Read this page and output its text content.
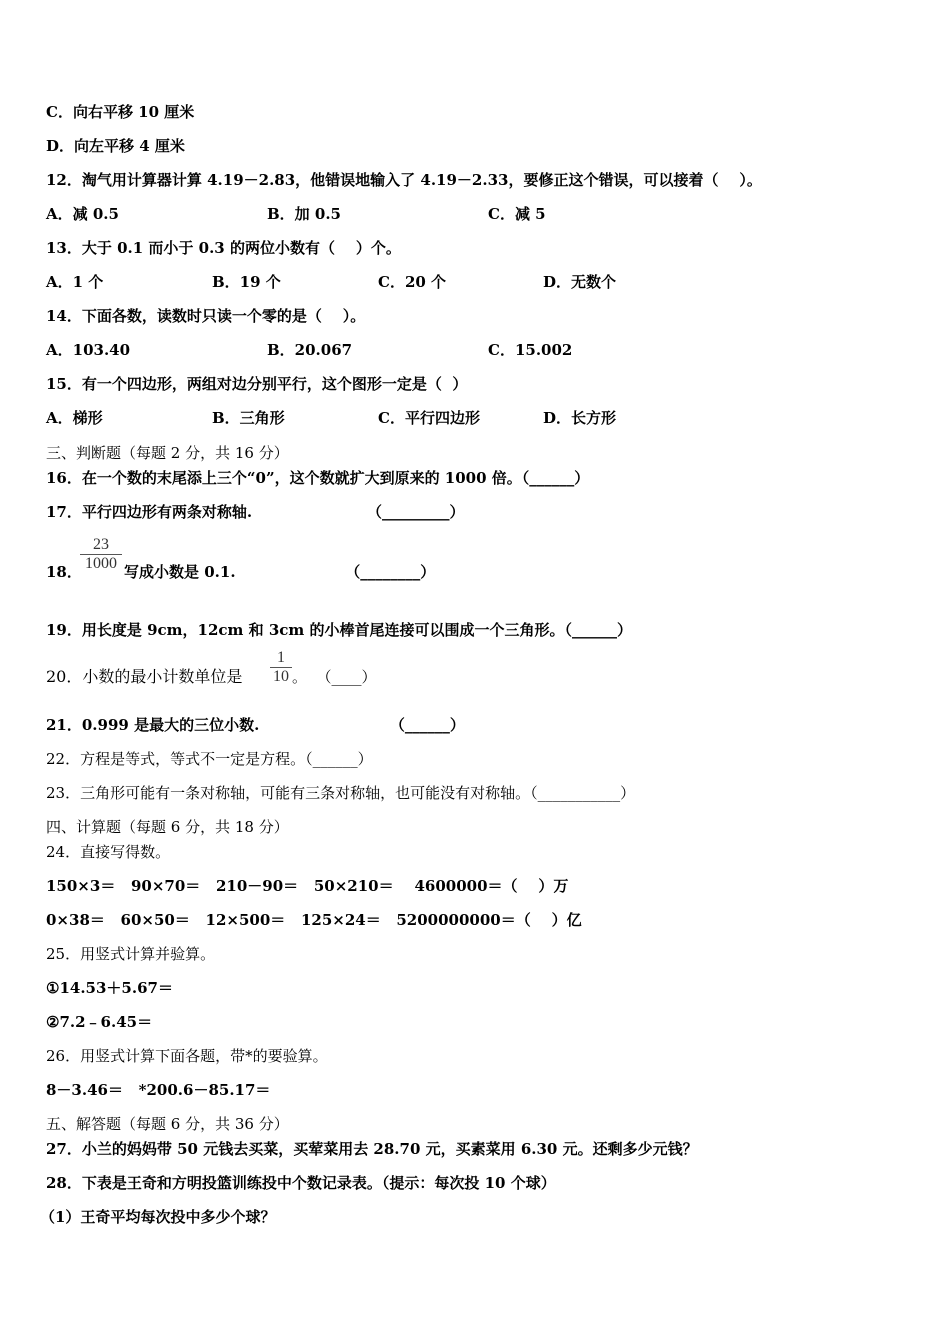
C．向右平移 10 厘米
D．向左平移 4 厘米
12．淘气用计算器计算 4.19－2.83，他错误地输入了 4.19－2.33，要修正这个错误，可以接着（    ）。
A．减 0.5	B．加 0.5	C．减 5
13．大于 0.1 而小于 0.3 的两位小数有（    ）个。
A．1 个	B．19 个	C．20 个	D．无数个
14．下面各数，读数时只读一个零的是（    ）。
A．103.40	B．20.067	C．15.002
15．有一个四边形，两组对边分别平行，这个图形一定是（  ）
A．梯形	B．三角形	C．平行四边形	D．长方形
三、判断题（每题 2 分，共 16 分）
16．在一个数的末尾添上三个“0”，这个数就扩大到原来的 1000 倍。（______）
17．平行四边形有两条对称轴.                      （_________）
18．
$\frac{23}{1000}$ 写成小数是 0.1.                     （________）
19．用长度是 9cm，12cm 和 3cm 的小棒首尾连接可以围成一个三角形。（______）
20．小数的最小计数单位是 $\frac{1}{10}$ 。  （____）
21．0.999 是最大的三位小数.                         （______）
22．方程是等式，等式不一定是方程。（______）
23．三角形可能有一条对称轴，可能有三条对称轴，也可能没有对称轴。（___________）
四、计算题（每题 6 分，共 18 分）
24．直接写得数。
150×3＝   90×70＝   210－90＝   50×210＝    4600000＝（    ）万
0×38＝   60×50＝   12×500＝   125×24＝   5200000000＝（    ）亿
25．用竖式计算并验算。
①14.53＋5.67＝
②7.2﹣6.45＝
26．用竖式计算下面各题，带*的要验算。
8－3.46＝   *200.6－85.17＝
五、解答题（每题 6 分，共 36 分）
27．小兰的妈妈带 50 元钱去买菜，买荤菜用去 28.70 元，买素菜用 6.30 元。还剩多少元钱？
28．下表是王奇和方明投篮训练投中个数记录表。（提示：每次投 10 个球）
（1）王奇平均每次投中多少个球？
